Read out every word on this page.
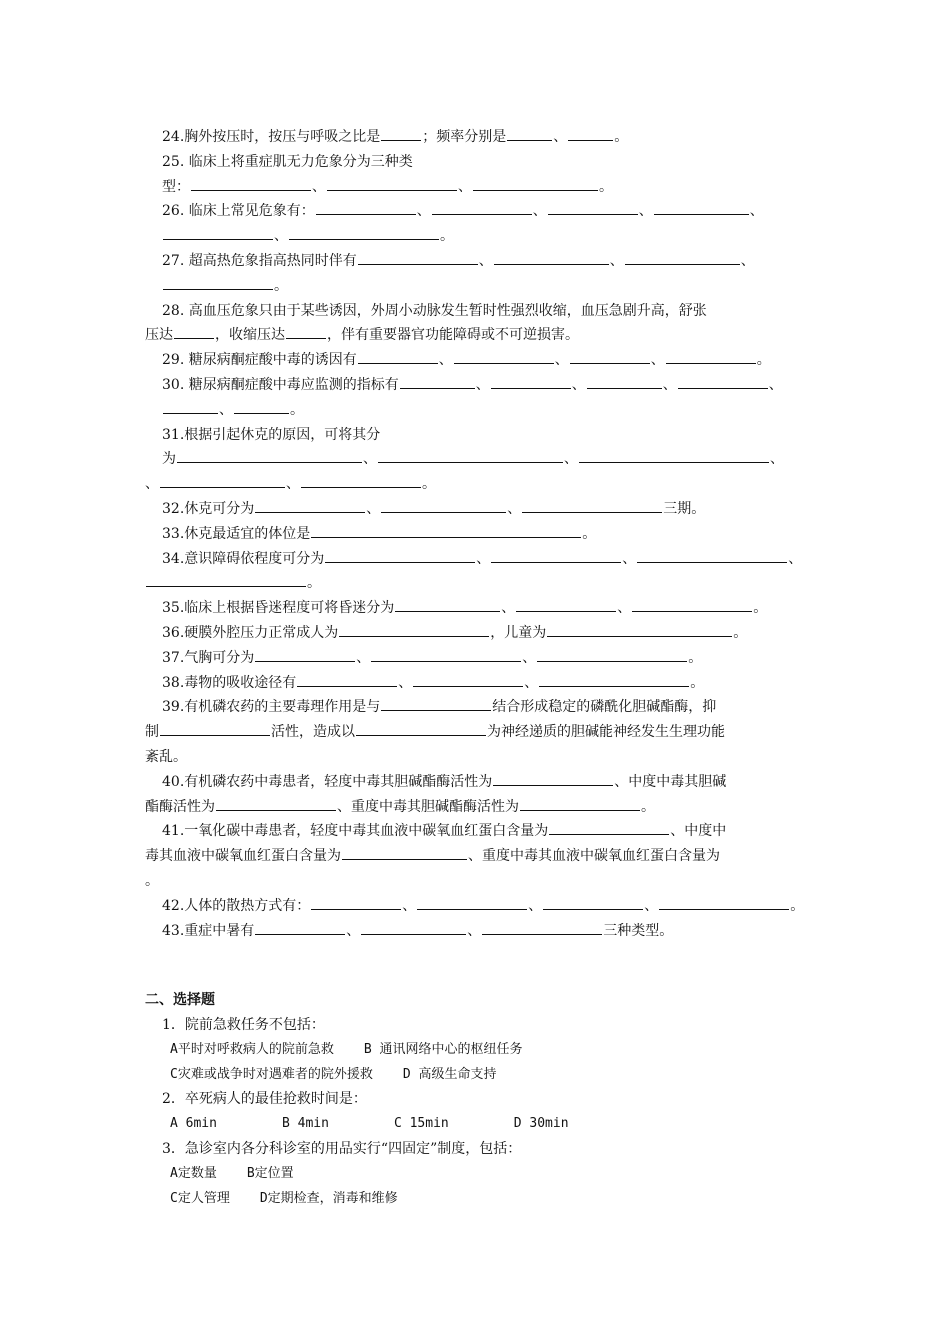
24.胸外按压时，按压与呼吸之比是	；频率分别是	、	。
25. 临床上将重症肌无力危象分为三种类
型：	、	、	。
26. 临床上常见危象有：	、	、	、	、
、	。
27. 超高热危象指高热同时伴有	、	、	、
。
28. 高血压危象只由于某些诱因，外周小动脉发生暂时性强烈收缩，血压急剧升高，舒张
压达	，收缩压达	，伴有重要器官功能障碍或不可逆损害。
29. 糖尿病酮症酸中毒的诱因有	、	、	、	。
30. 糖尿病酮症酸中毒应监测的指标有	、	、	、	、
、	。
31.根据引起休克的原因，可将其分
为	、	、	、
、	、	。
32.休克可分为	、	、	三期。
33.休克最适宜的体位是	。
34.意识障碍依程度可分为	、	、	、
。
35.临床上根据昏迷程度可将昏迷分为	、	、	。
36.硬膜外腔压力正常成人为	，儿童为	。
37.气胸可分为	、	、	。
38.毒物的吸收途径有	、	、	。
39.有机磷农药的主要毒理作用是与	结合形成稳定的磷酰化胆碱酯酶，抑
制	活性，造成以	为神经递质的胆碱能神经发生生理功能
紊乱。
40.有机磷农药中毒患者，轻度中毒其胆碱酯酶活性为	、中度中毒其胆碱
酯酶活性为	、重度中毒其胆碱酯酶活性为	。
41.一氧化碳中毒患者，轻度中毒其血液中碳氧血红蛋白含量为	、中度中
毒其血液中碳氧血红蛋白含量为	、重度中毒其血液中碳氧血红蛋白含量为
。
42.人体的散热方式有：	、	、	、	。
43.重症中暑有	、	、	三种类型。
二、选择题
1．院前急救任务不包括：
A平时对呼救病人的院前急救 B 通讯网络中心的枢纽任务
C灾难或战争时对遇难者的院外援救 D 高级生命支持
2．卒死病人的最佳抢救时间是：
A 6min	B 4min	C 15min	D 30min
3．急诊室内各分科诊室的用品实行“四固定”制度，包括：
A定数量 B定位置
C定人管理 D定期检查，消毒和维修
